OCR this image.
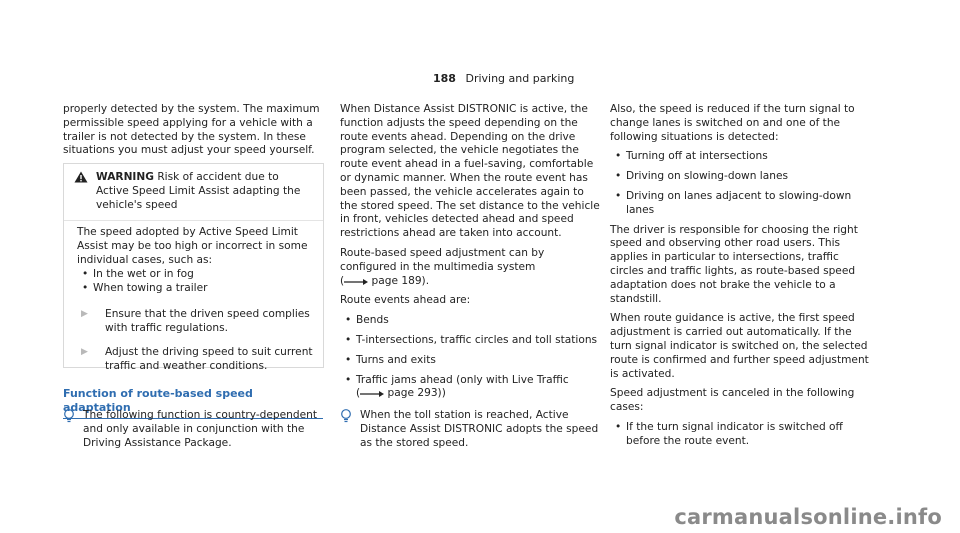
188 Driving and parking

properly detected by the system. The maximum permissible speed applying for a vehicle with a trailer is not detected by the system. In these situations you must adjust your speed yourself.

WARNING Risk of accident due to Active Speed Limit Assist adapting the vehicle's speed

The speed adopted by Active Speed Limit Assist may be too high or incorrect in some individual cases, such as:

• In the wet or in fog
• When towing a trailer
▶	Ensure that the driven speed complies with traffic regulations.
▶	Adjust the driving speed to suit current traffic and weather conditions.
Function of route-based speed adaptation
The following function is country-dependent and only available in conjunction with the Driving Assistance Package.

When Distance Assist DISTRONIC is active, the function adjusts the speed depending on the route events ahead. Depending on the drive program selected, the vehicle negotiates the route event ahead in a fuel-saving, comfortable or dynamic manner. When the route event has been passed, the vehicle accelerates again to the stored speed. The set distance to the vehicle in front, vehicles detected ahead and speed restrictions ahead are taken into account.

Route-based speed adjustment can by configured in the multimedia system
(	page 189).

Route events ahead are:

• Bends
• T-intersections, traffic circles and toll stations
• Turns and exits
• Traffic jams ahead (only with Live Traffic
(	page 293))
When the toll station is reached, Active Distance Assist DISTRONIC adopts the speed as the stored speed.

Also, the speed is reduced if the turn signal to change lanes is switched on and one of the following situations is detected:

• Turning off at intersections
• Driving on slowing-down lanes
• Driving on lanes adjacent to slowing-down lanes

The driver is responsible for choosing the right speed and observing other road users. This applies in particular to intersections, traffic circles and traffic lights, as route-based speed adaptation does not brake the vehicle to a standstill.

When route guidance is active, the first speed adjustment is carried out automatically. If the turn signal indicator is switched on, the selected route is confirmed and further speed adjustment is activated.

Speed adjustment is canceled in the following cases:

• If the turn signal indicator is switched off before the route event.
carmanualsonline.info
